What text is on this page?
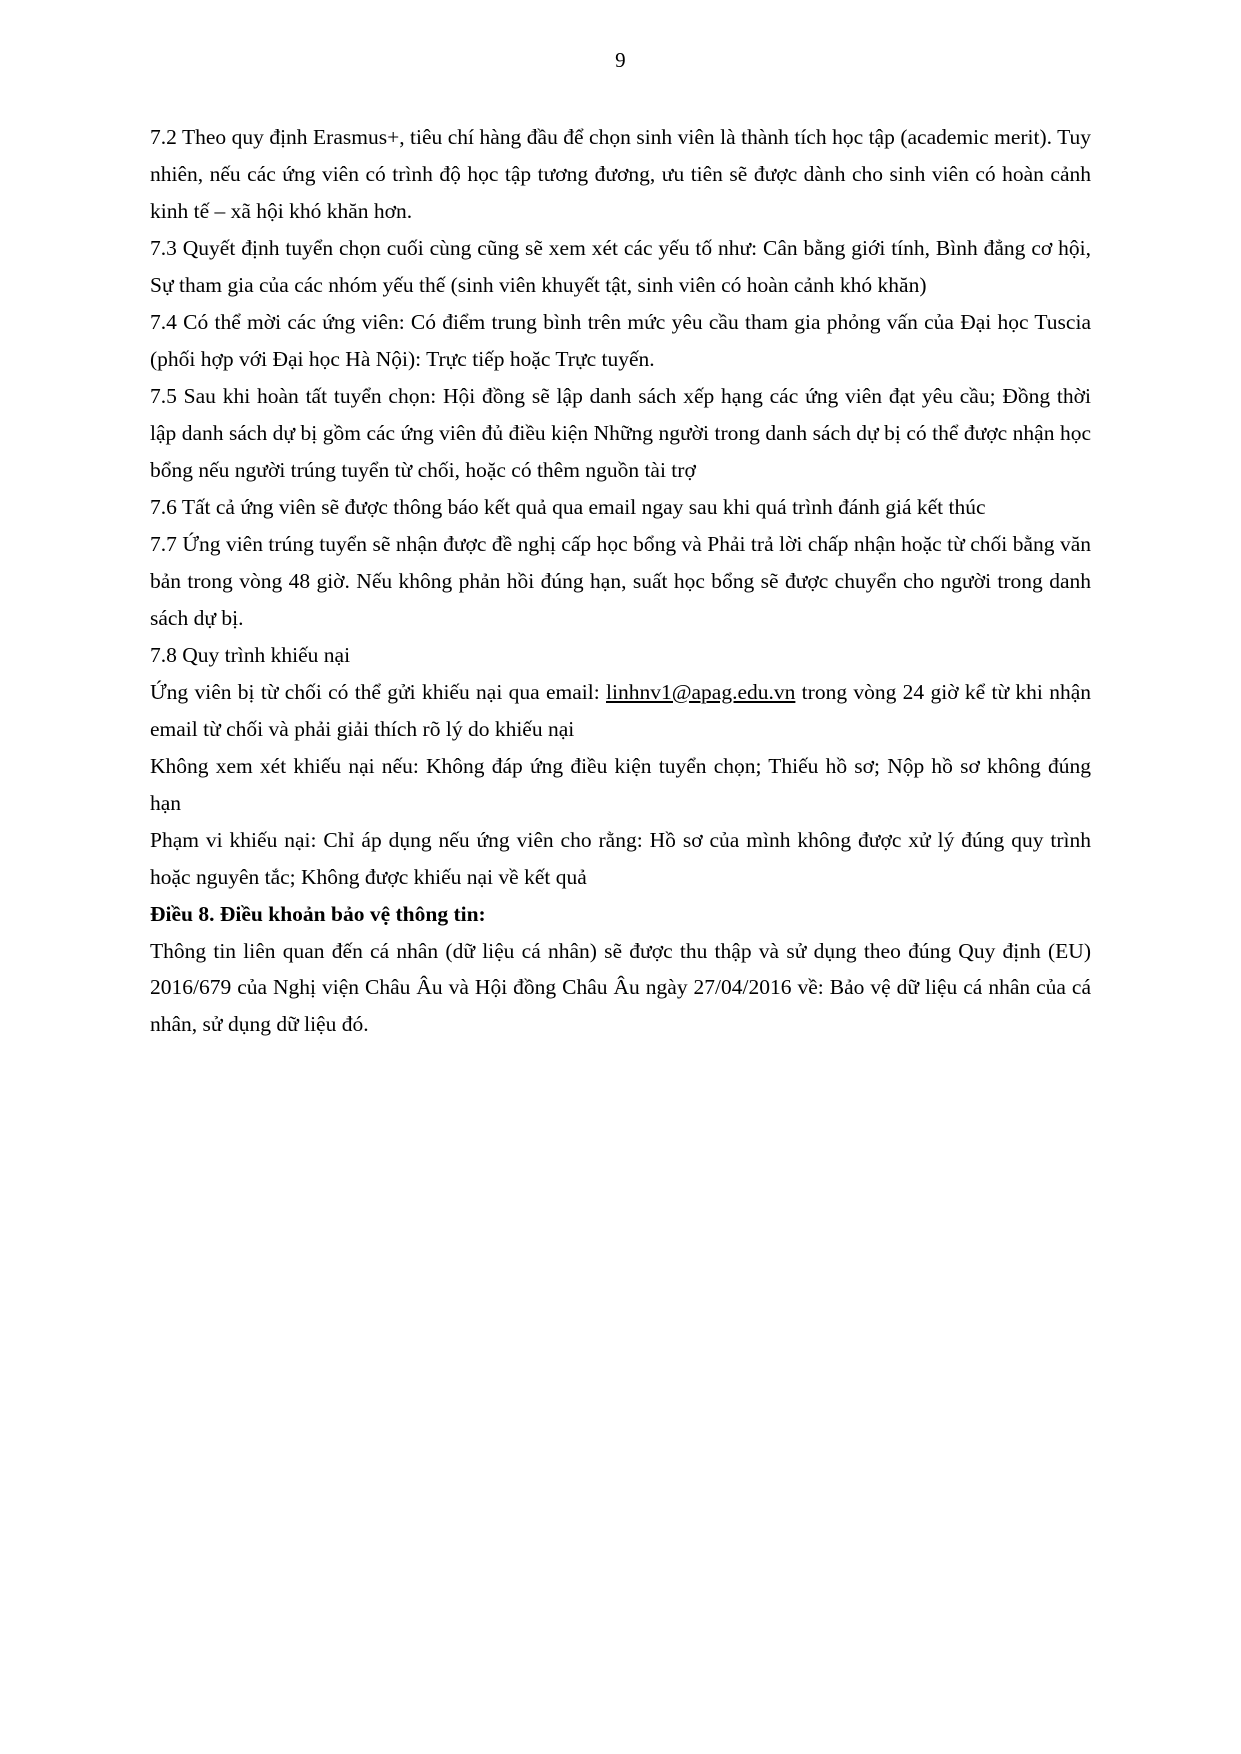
9

7.2 Theo quy định Erasmus+, tiêu chí hàng đầu để chọn sinh viên là thành tích học tập (academic merit). Tuy nhiên, nếu các ứng viên có trình độ học tập tương đương, ưu tiên sẽ được dành cho sinh viên có hoàn cảnh kinh tế – xã hội khó khăn hơn.

7.3 Quyết định tuyển chọn cuối cùng cũng sẽ xem xét các yếu tố như: Cân bằng giới tính, Bình đẳng cơ hội, Sự tham gia của các nhóm yếu thế (sinh viên khuyết tật, sinh viên có hoàn cảnh khó khăn)

7.4 Có thể mời các ứng viên: Có điểm trung bình trên mức yêu cầu tham gia phỏng vấn của Đại học Tuscia (phối hợp với Đại học Hà Nội): Trực tiếp hoặc Trực tuyến.

7.5 Sau khi hoàn tất tuyển chọn: Hội đồng sẽ lập danh sách xếp hạng các ứng viên đạt yêu cầu; Đồng thời lập danh sách dự bị gồm các ứng viên đủ điều kiện Những người trong danh sách dự bị có thể được nhận học bổng nếu người trúng tuyển từ chối, hoặc có thêm nguồn tài trợ

7.6 Tất cả ứng viên sẽ được thông báo kết quả qua email ngay sau khi quá trình đánh giá kết thúc

7.7 Ứng viên trúng tuyển sẽ nhận được đề nghị cấp học bổng và Phải trả lời chấp nhận hoặc từ chối bằng văn bản trong vòng 48 giờ. Nếu không phản hồi đúng hạn, suất học bổng sẽ được chuyển cho người trong danh sách dự bị.

7.8 Quy trình khiếu nại

Ứng viên bị từ chối có thể gửi khiếu nại qua email: linhnv1@apag.edu.vn trong vòng 24 giờ kể từ khi nhận email từ chối và phải giải thích rõ lý do khiếu nại

Không xem xét khiếu nại nếu: Không đáp ứng điều kiện tuyển chọn; Thiếu hồ sơ; Nộp hồ sơ không đúng hạn

Phạm vi khiếu nại: Chỉ áp dụng nếu ứng viên cho rằng: Hồ sơ của mình không được xử lý đúng quy trình hoặc nguyên tắc; Không được khiếu nại về kết quả

Điều 8. Điều khoản bảo vệ thông tin:

Thông tin liên quan đến cá nhân (dữ liệu cá nhân) sẽ được thu thập và sử dụng theo đúng Quy định (EU) 2016/679 của Nghị viện Châu Âu và Hội đồng Châu Âu ngày 27/04/2016 về: Bảo vệ dữ liệu cá nhân của cá nhân, sử dụng dữ liệu đó.
